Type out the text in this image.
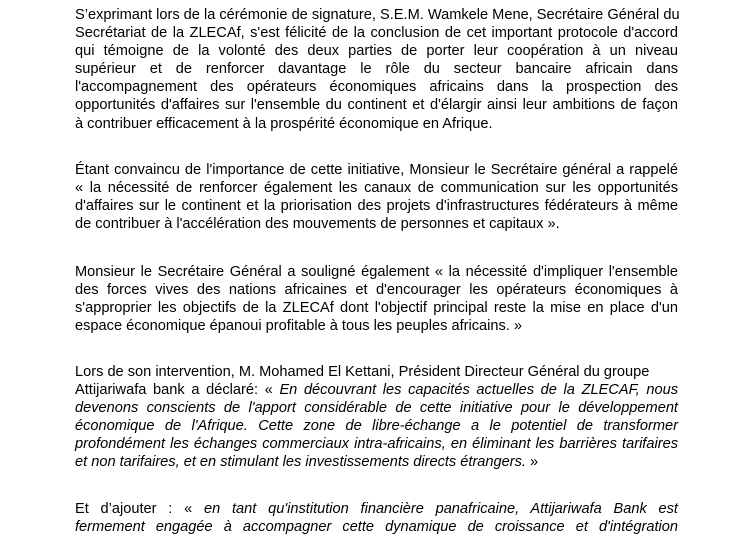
S’exprimant lors de la cérémonie de signature, S.E.M. Wamkele Mene, Secrétaire Général du
Secrétariat de la ZLECAf, s'est félicité de la conclusion de cet important protocole d'accord
qui témoigne de la volonté des deux parties de porter leur coopération à un niveau
supérieur et de renforcer davantage le rôle du secteur bancaire africain dans
l'accompagnement des opérateurs économiques africains dans la prospection des
opportunités d'affaires sur l'ensemble du continent et d'élargir ainsi leur ambitions de façon
à contribuer efficacement à la prospérité économique en Afrique.
Étant convaincu de l'importance de cette initiative, Monsieur le Secrétaire général a rappelé
« la nécessité de renforcer également les canaux de communication sur les opportunités
d'affaires sur le continent et la priorisation des projets d'infrastructures fédérateurs à même
de contribuer à l'accélération des mouvements de personnes et capitaux ».
Monsieur le Secrétaire Général a souligné également « la nécessité d'impliquer l'ensemble
des forces vives des nations africaines et d'encourager les opérateurs économiques à
s'approprier les objectifs de la ZLECAf dont l'objectif principal reste la mise en place d'un
espace économique épanoui profitable à tous les peuples africains. »
Lors de son intervention, M. Mohamed El Kettani, Président Directeur Général du groupe
Attijariwafa bank a déclaré: « En découvrant les capacités actuelles de la ZLECAF, nous
devenons conscients de l'apport considérable de cette initiative pour le développement
économique de l'Afrique. Cette zone de libre-échange a le potentiel de transformer
profondément les échanges commerciaux intra-africains, en éliminant les barrières tarifaires
et non tarifaires, et en stimulant les investissements directs étrangers. »
Et d’ajouter : « en tant qu'institution financière panafricaine, Attijariwafa Bank est
fermement engagée à accompagner cette dynamique de croissance et d'intégration
